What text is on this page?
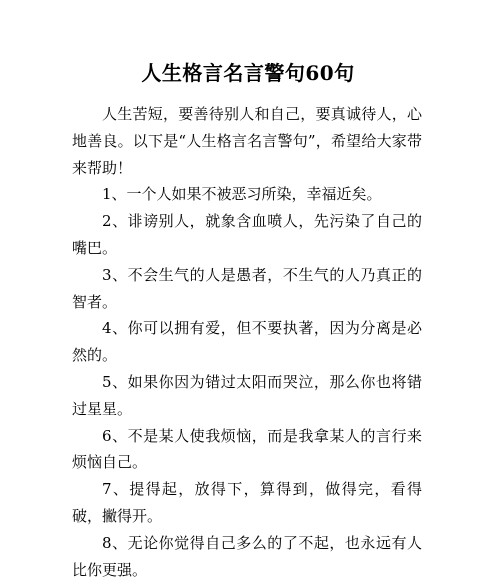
人生格言名言警句60句

人生苦短，要善待别人和自己，要真诚待人，心地善良。以下是“人生格言名言警句”，希望给大家带来帮助！

1、一个人如果不被恶习所染，幸福近矣。

2、诽谤别人，就象含血喷人，先污染了自己的嘴巴。

3、不会生气的人是愚者，不生气的人乃真正的智者。

4、你可以拥有爱，但不要执著，因为分离是必然的。

5、如果你因为错过太阳而哭泣，那么你也将错过星星。

6、不是某人使我烦恼，而是我拿某人的言行来烦恼自己。

7、提得起，放得下，算得到，做得完，看得破，撇得开。

8、无论你觉得自己多么的了不起，也永远有人比你更强。
